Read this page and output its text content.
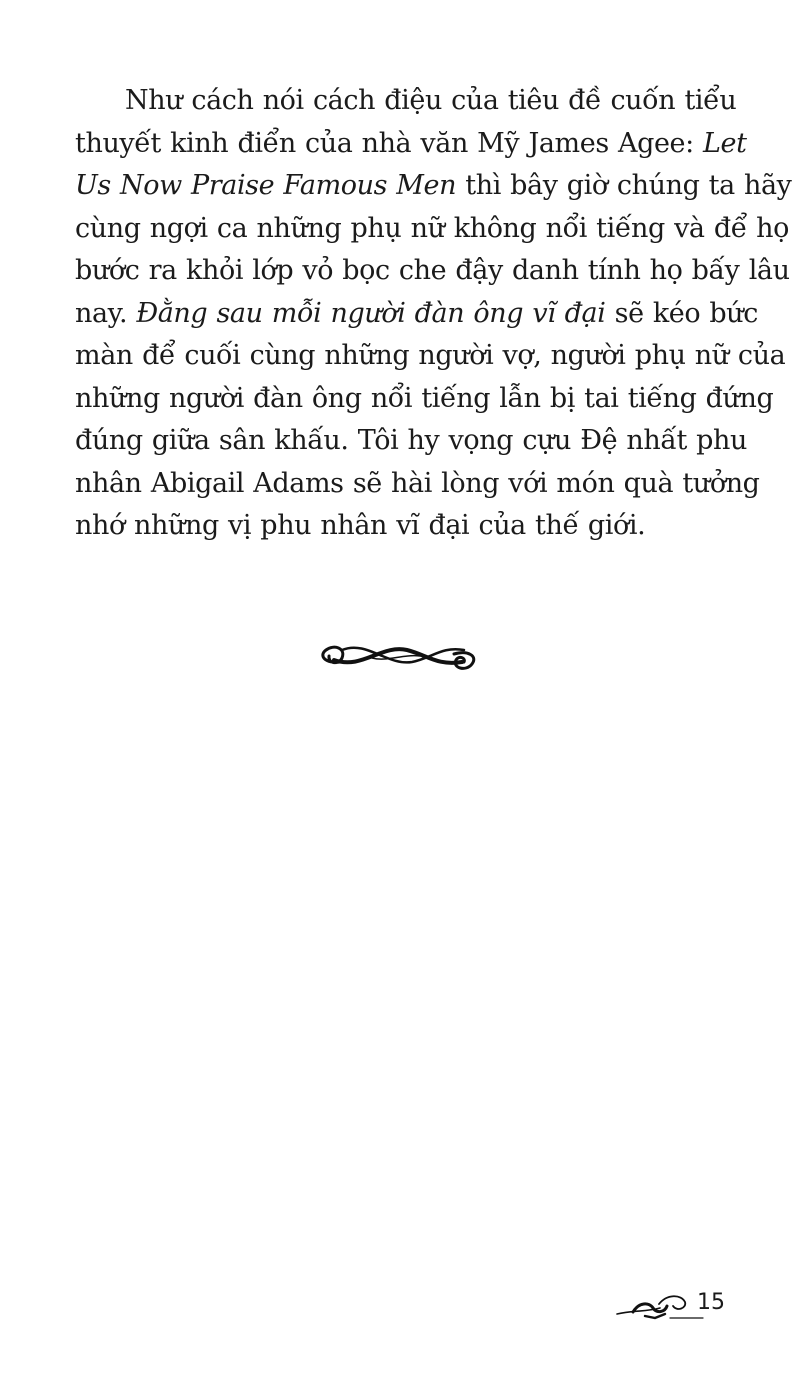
Như cách nói cách điệu của tiêu đề cuốn tiểu
thuyết kinh điển của nhà văn Mỹ James Agee: Let
Us Now Praise Famous Men thì bây giờ chúng ta hãy
cùng ngợi ca những phụ nữ không nổi tiếng và để họ
bước ra khỏi lớp vỏ bọc che đậy danh tính họ bấy lâu
nay. Đằng sau mỗi người đàn ông vĩ đại sẽ kéo bức
màn để cuối cùng những người vợ, người phụ nữ của
những người đàn ông nổi tiếng lẫn bị tai tiếng đứng
đúng giữa sân khấu. Tôi hy vọng cựu Đệ nhất phu
nhân Abigail Adams sẽ hài lòng với món quà tưởng
nhớ những vị phu nhân vĩ đại của thế giới.
15
